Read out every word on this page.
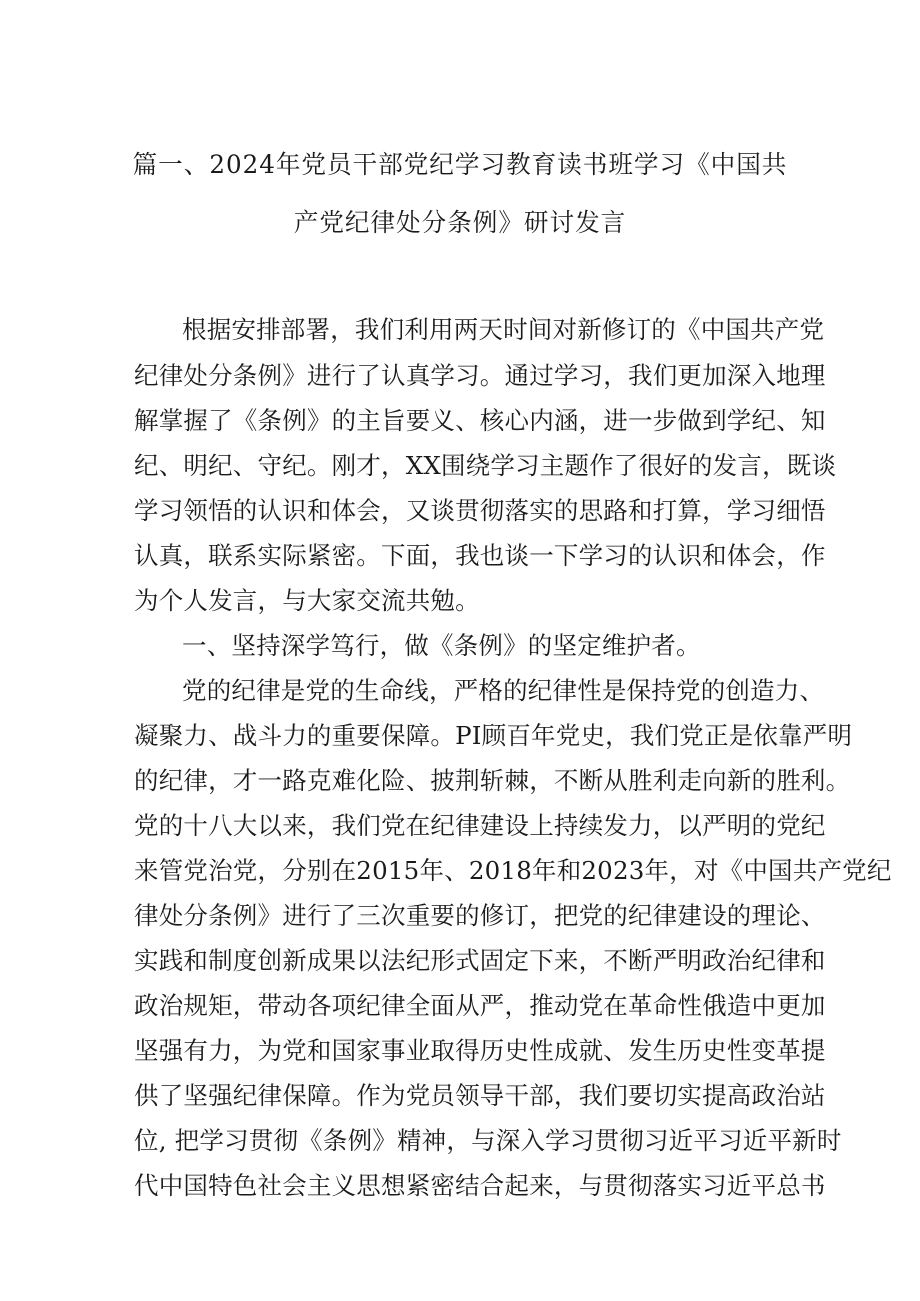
篇一、2024年党员干部党纪学习教育读书班学习《中国共
产党纪律处分条例》研讨发言
根据安排部署，我们利用两天时间对新修订的《中国共产党
纪律处分条例》进行了认真学习。通过学习，我们更加深入地理
解掌握了《条例》的主旨要义、核心内涵，进一步做到学纪、知
纪、明纪、守纪。刚才，XX围绕学习主题作了很好的发言，既谈
学习领悟的认识和体会，又谈贯彻落实的思路和打算，学习细悟
认真，联系实际紧密。下面，我也谈一下学习的认识和体会，作
为个人发言，与大家交流共勉。
一、坚持深学笃行，做《条例》的坚定维护者。
党的纪律是党的生命线，严格的纪律性是保持党的创造力、
凝聚力、战斗力的重要保障。PI顾百年党史，我们党正是依靠严明
的纪律，才一路克难化险、披荆斩棘，不断从胜利走向新的胜利。
党的十八大以来，我们党在纪律建设上持续发力，以严明的党纪
来管党治党，分别在2015年、2018年和2023年，对《中国共产党纪
律处分条例》进行了三次重要的修订，把党的纪律建设的理论、
实践和制度创新成果以法纪形式固定下来，不断严明政治纪律和
政治规矩，带动各项纪律全面从严，推动党在革命性俄造中更加
坚强有力，为党和国家事业取得历史性成就、发生历史性变革提
供了坚强纪律保障。作为党员领导干部，我们要切实提高政治站
位, 把学习贯彻《条例》精神，与深入学习贯彻习近平习近平新时
代中国特色社会主义思想紧密结合起来，与贯彻落实习近平总书
